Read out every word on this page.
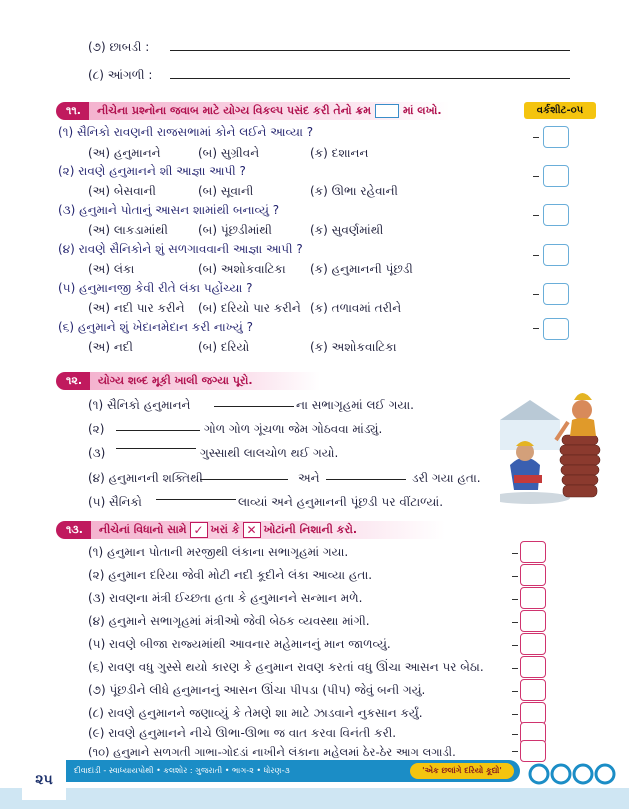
(૭) છાબડી :
(૮) આંગળી :
૧૧.	નીચેના પ્રશ્નોના જવાબ માટે યોગ્ય વિકલ્પ પસંદ કરી તેનો ક્રમ	માં લખો.	વર્કશીટ-૦૫
(૧) સૈનિકો રાવણની રાજસભામાં કોને લઈને આવ્યા ?
(અ) હનુમાનને	(બ) સુગ્રીવને	(ક) દશાનન
(૨) રાવણે હનુમાનને શી આજ્ઞા આપી ?
(અ) બેસવાની	(બ) સૂવાની	(ક) ઊભા રહેવાની
(૩) હનુમાને પોતાનું આસન શામાંથી બનાવ્યું ?
(અ) લાકડામાંથી	(બ) પૂંછડીમાંથી	(ક) સુવર્ણમાંથી
(૪) રાવણે સૈનિકોને શું સળગાવવાની આજ્ઞા આપી ?
(અ) લંકા	(બ) અશોકવાટિકા (ક) હનુમાનની પૂંછડી
(૫) હનુમાનજી કેવી રીતે લંકા પહોંચ્યા ?
(અ) નદી પાર કરીને (બ) દરિયો પાર કરીને (ક) તળાવમાં તરીને
(૬) હનુમાને શું ખેદાનમેદાન કરી નાખ્યું ?
(અ) નદી	(બ) દરિયો	(ક) અશોકવાટિકા
૧૨.	યોગ્ય શબ્દ મૂકી ખાલી જગ્યા પૂરો.
(૧) સૈનિકો હનુમાનને	ના સભાગૃહમાં લઈ ગયા.
(૨)	ગોળ ગોળ ગૂંચળા જેમ ગોઠવવા માંડ્યું.
(૩)	ગુસ્સાથી લાલચોળ થઈ ગયો.
(૪) હનુમાનની શક્તિથી	અને	ડરી ગયા હતા.
(૫) સૈનિકો	લાવ્યાં અને હનુમાનની પૂંછડી પર વીંટાળ્યાં.
૧૩.	નીચેનાં વિધાનો સામે ✓ ખરાં કે ✕ ખોટાંની નિશાની કરો.
(૧) હનુમાન પોતાની મરજીથી લંકાના સભાગૃહમાં ગયા.
(૨) હનુમાન દરિયા જેવી મોટી નદી કૂદીને લંકા આવ્યા હતા.
(૩) રાવણના મંત્રી ઈચ્છતા હતા કે હનુમાનને સન્માન મળે.
(૪) હનુમાને સભાગૃહમાં મંત્રીઓ જેવી બેઠક વ્યવસ્થા માંગી.
(૫) રાવણે બીજા રાજ્યમાંથી આવનાર મહેમાનનું માન જાળવ્યું.
(૬) રાવણ વધુ ગુસ્સે થયો કારણ કે હનુમાન રાવણ કરતાં વધુ ઊંચા આસન પર બેઠા.
(૭) પૂંછડીને લીધે હનુમાનનું આસન ઊંચા પીપડા (પીપ) જેવું બની ગયું.
(૮) રાવણે હનુમાનને જણાવ્યું કે તેમણે શા માટે ઝાડવાને નુકસાન કર્યું.
(૯) રાવણે હનુમાનને નીચે ઊભા-ઊભા જ વાત કરવા વિનંતી કરી.
(૧૦) હનુમાને સળગતી ગાભા-ગોદડાં નાખીને લંકાના મહેલમાં ઠેર-ઠેર આગ લગાડી.
દીવાદાંડી - સ્વાધ્યાયપોથી • કલશોર : ગુજરાતી • ભાગ-૨ • ધોરણ-૩	'એક છલાંગે દરિયો કૂદ્યો'
૨૫
